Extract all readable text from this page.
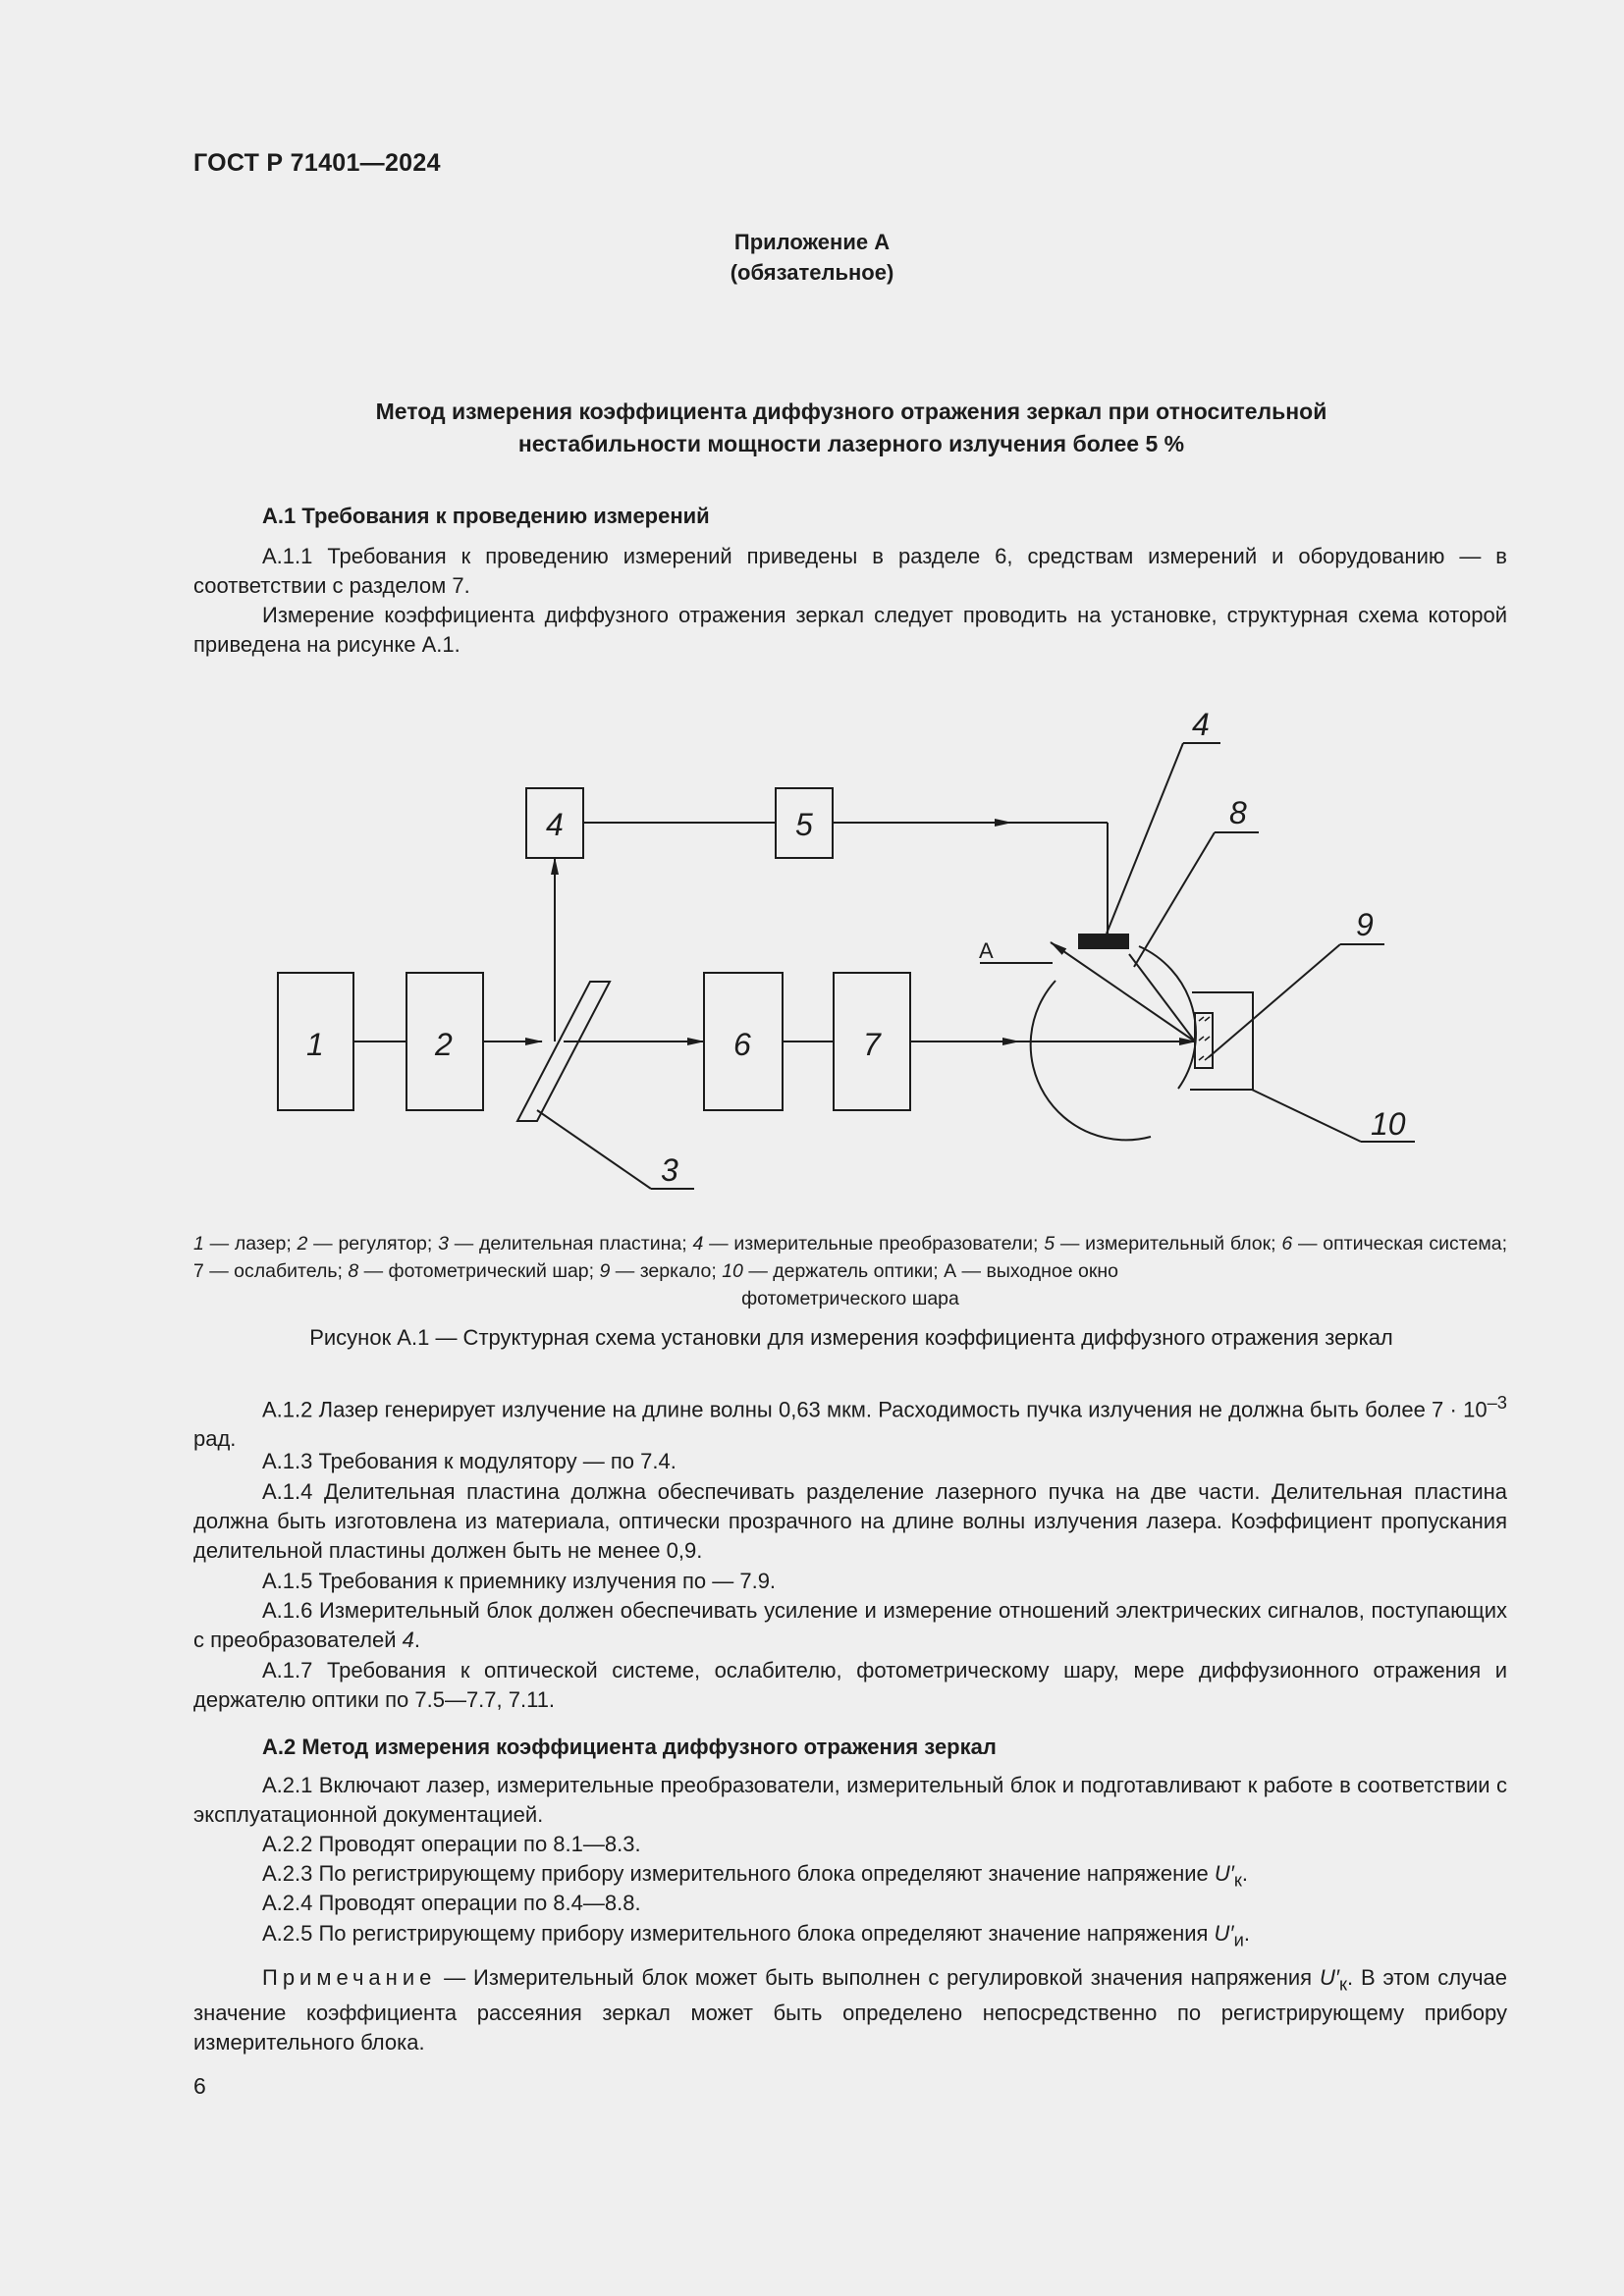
ГОСТ Р 71401—2024
Приложение А
(обязательное)
Метод измерения коэффициента диффузного отражения зеркал при относительной
нестабильности мощности лазерного излучения более 5 %
А.1 Требования к проведению измерений

А.1.1 Требования к проведению измерений приведены в разделе 6, средствам измерений и оборудованию — в соответствии с разделом 7.

Измерение коэффициента диффузного отражения зеркал следует проводить на установке, структурная схема которой приведена на рисунке А.1.

1	2	6	7
4	5
3
4
8
9
10
А

1 — лазер; 2 — регулятор; 3 — делительная пластина; 4 — измерительные преобразователи; 5 — измерительный блок; 6 — оптическая система; 7 — ослабитель; 8 — фотометрический шар; 9 — зеркало; 10 — держатель оптики; А — выходное окно
фотометрического шара

Рисунок А.1 — Структурная схема установки для измерения коэффициента диффузного отражения зеркал

А.1.2 Лазер генерирует излучение на длине волны 0,63 мкм. Расходимость пучка излучения не должна быть более $7 \cdot 10^{-3}$ рад.

А.1.3 Требования к модулятору — по 7.4.

А.1.4 Делительная пластина должна обеспечивать разделение лазерного пучка на две части. Делительная пластина должна быть изготовлена из материала, оптически прозрачного на длине волны излучения лазера. Коэффициент пропускания делительной пластины должен быть не менее 0,9.

А.1.5 Требования к приемнику излучения по — 7.9.

А.1.6 Измерительный блок должен обеспечивать усиление и измерение отношений электрических сигналов, поступающих с преобразователей 4.

А.1.7 Требования к оптической системе, ослабителю, фотометрическому шару, мере диффузионного отражения и держателю оптики по 7.5—7.7, 7.11.

А.2 Метод измерения коэффициента диффузного отражения зеркал

А.2.1 Включают лазер, измерительные преобразователи, измерительный блок и подготавливают к работе в соответствии с эксплуатационной документацией.

А.2.2 Проводят операции по 8.1—8.3.

А.2.3 По регистрирующему прибору измерительного блока определяют значение напряжение $U'_к$.

А.2.4 Проводят операции по 8.4—8.8.

А.2.5 По регистрирующему прибору измерительного блока определяют значение напряжения $U'_и$.

Примечание — Измерительный блок может быть выполнен с регулировкой значения напряжения $U'_к$. В этом случае значение коэффициента рассеяния зеркал может быть определено непосредственно по регистрирующему прибору измерительного блока.

6
